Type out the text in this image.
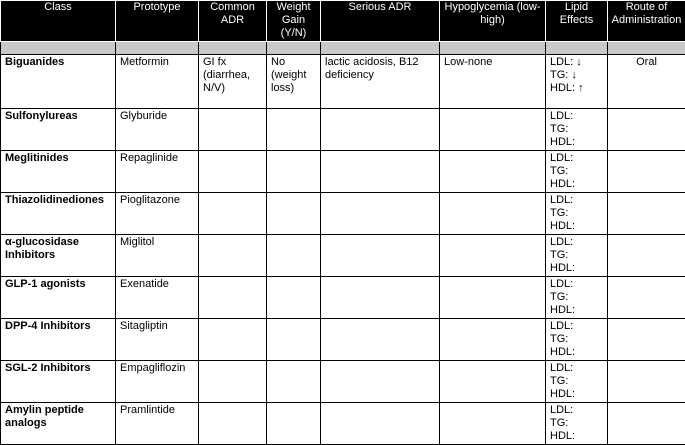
Class	Prototype	Common ADR	Weight Gain (Y/N)	Serious ADR	Hypoglycemia (low-high)	Lipid Effects	Route of Administration

Biguanides	Metformin	GI fx (diarrhea, N/V)	No (weight loss)	lactic acidosis, B12 deficiency	Low-none	LDL: ↓
TG: ↓
HDL: ↑	Oral
Sulfonylureas	Glyburide					LDL:
TG:
HDL:	

Meglitinides	Repaglinide					LDL:
TG:
HDL:	

Thiazolidinediones	Pioglitazone					LDL:
TG:
HDL:	

α-glucosidase Inhibitors	Miglitol					LDL:
TG:
HDL:	

GLP-1 agonists	Exenatide					LDL:
TG:
HDL:	

DPP-4 Inhibitors	Sitagliptin					LDL:
TG:
HDL:	

SGL-2 Inhibitors	Empagliflozin					LDL:
TG:
HDL:	

Amylin peptide analogs	Pramlintide					LDL:
TG:
HDL:	
